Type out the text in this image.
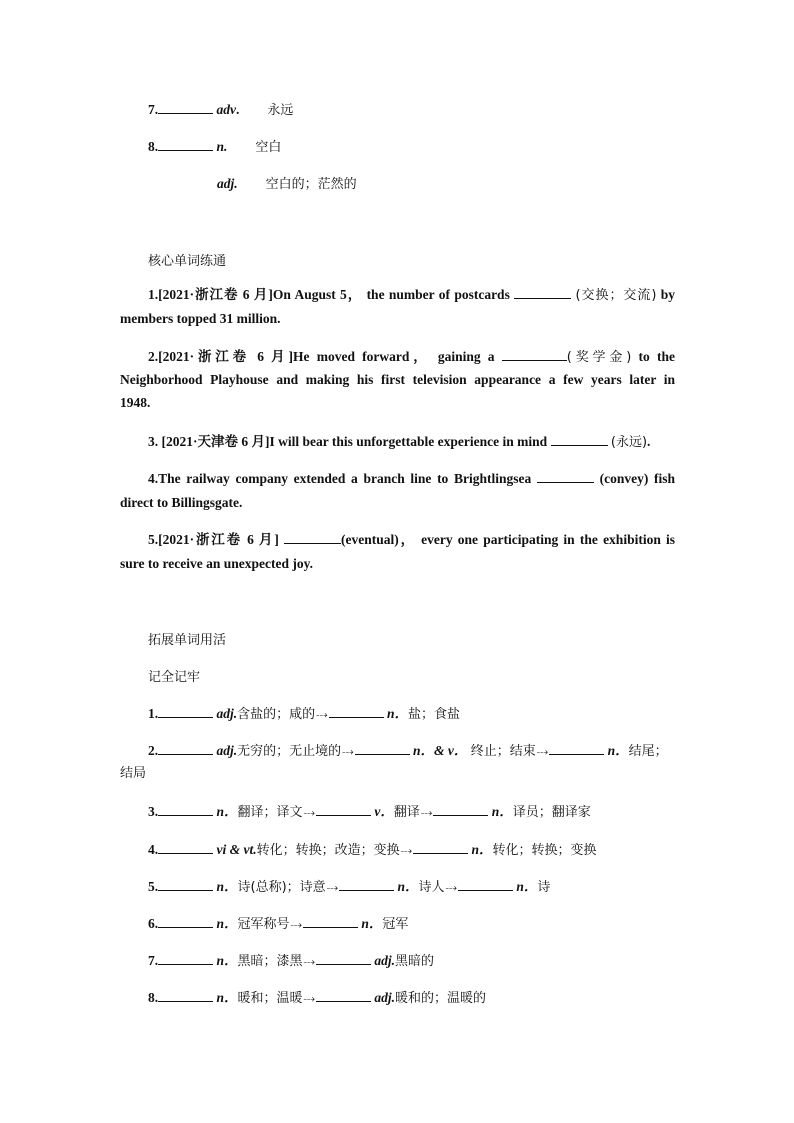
7.	adv. 永远
8.	n. 空白
adj. 空白的；茫然的
核心单词练通
1.[2021·浙江卷 6 月]On August 5， the number of postcards	(交换；交流) by
members topped 31 million.
2.[2021·浙江卷 6 月]He moved forward， gaining a	(奖学金) to the
Neighborhood Playhouse and making his first television appearance a few years later in
1948.
3. [2021·天津卷 6 月]I will bear this unforgettable experience in mind	(永远).
4.The railway company extended a branch line to Brightlingsea	(convey) fish
direct to Billingsgate.
5.[2021·浙江卷 6 月]	(eventual)， every one participating in the exhibition is
sure to receive an unexpected joy.
拓展单词用活
记全记牢
1.	adj.含盐的；咸的⤏	n．盐；食盐
2.	adj.无穷的；无止境的⤏	n．& v． 终止；结束⤏	n．结尾；
结局
3.	n．翻译；译文⤏	v．翻译⤏	n．译员；翻译家
4.	vi & vt.转化；转换；改造；变换⤏	n．转化；转换；变换
5.	n．诗(总称)；诗意⤏	n．诗人⤏	n．诗
6.	n．冠军称号⤏	n．冠军
7.	n．黑暗；漆黑⤏	adj.黑暗的
8.	n．暖和；温暖⤏	adj.暖和的；温暖的
